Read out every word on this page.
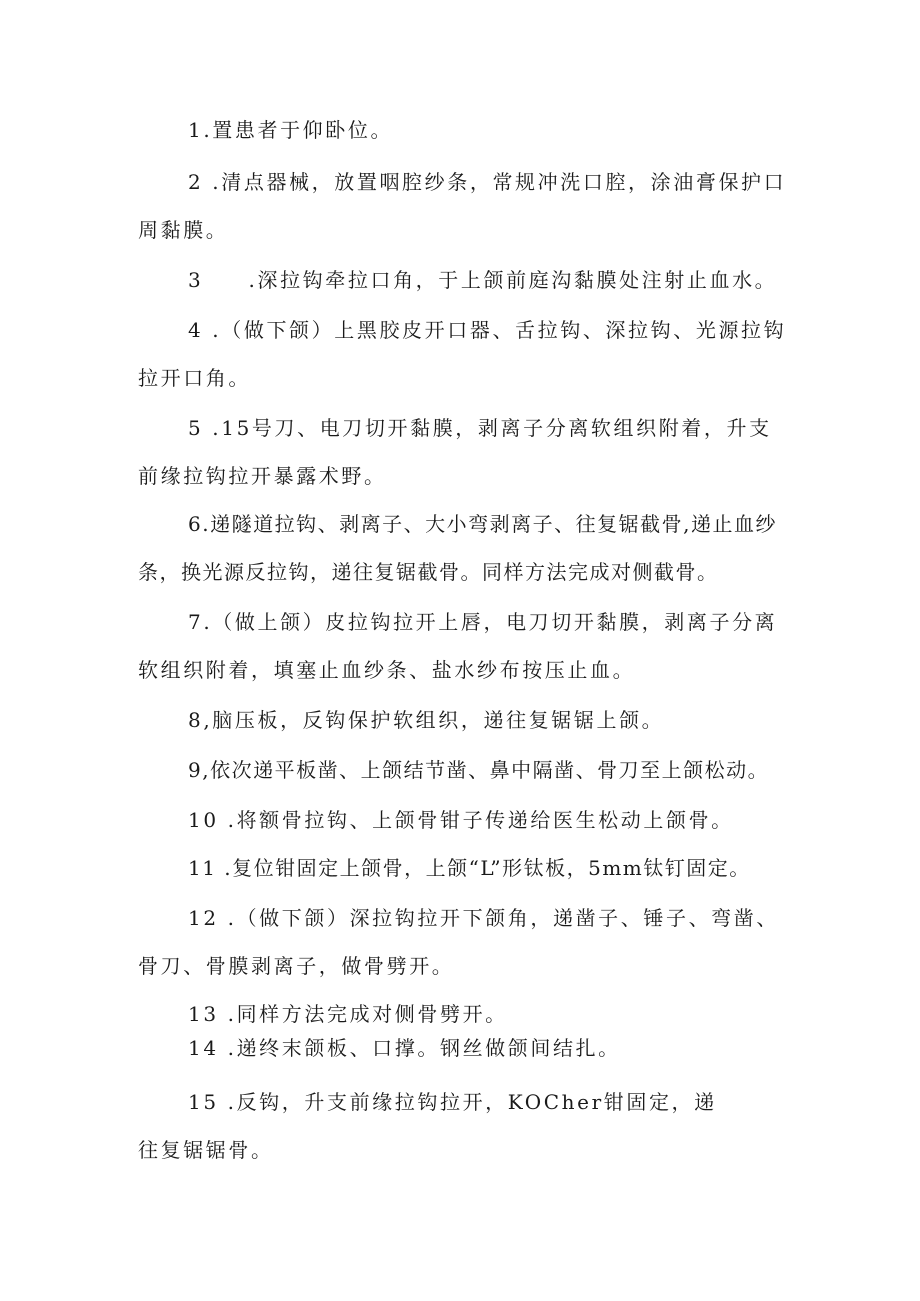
1.置患者于仰卧位。

2 .清点器械，放置咽腔纱条，常规冲洗口腔，涂油膏保护口周黏膜。

3　　.深拉钩牵拉口角，于上颌前庭沟黏膜处注射止血水。

4 .（做下颌）上黑胶皮开口器、舌拉钩、深拉钩、光源拉钩拉开口角。

5 .15号刀、电刀切开黏膜，剥离子分离软组织附着，升支前缘拉钩拉开暴露术野。

6.递隧道拉钩、剥离子、大小弯剥离子、往复锯截骨,递止血纱条，换光源反拉钩，递往复锯截骨。同样方法完成对侧截骨。

7.（做上颌）皮拉钩拉开上唇，电刀切开黏膜，剥离子分离软组织附着，填塞止血纱条、盐水纱布按压止血。

8,脑压板，反钩保护软组织，递往复锯锯上颌。

9,依次递平板凿、上颌结节凿、鼻中隔凿、骨刀至上颌松动。

10 .将额骨拉钩、上颌骨钳子传递给医生松动上颌骨。

11 .复位钳固定上颌骨，上颌“L”形钛板，5mm钛钉固定。

12 .（做下颌）深拉钩拉开下颌角，递凿子、锤子、弯凿、骨刀、骨膜剥离子，做骨劈开。

13 .同样方法完成对侧骨劈开。

14 .递终末颌板、口撑。钢丝做颌间结扎。

15 .反钩，升支前缘拉钩拉开，KOCher钳固定，递往复锯锯骨。
